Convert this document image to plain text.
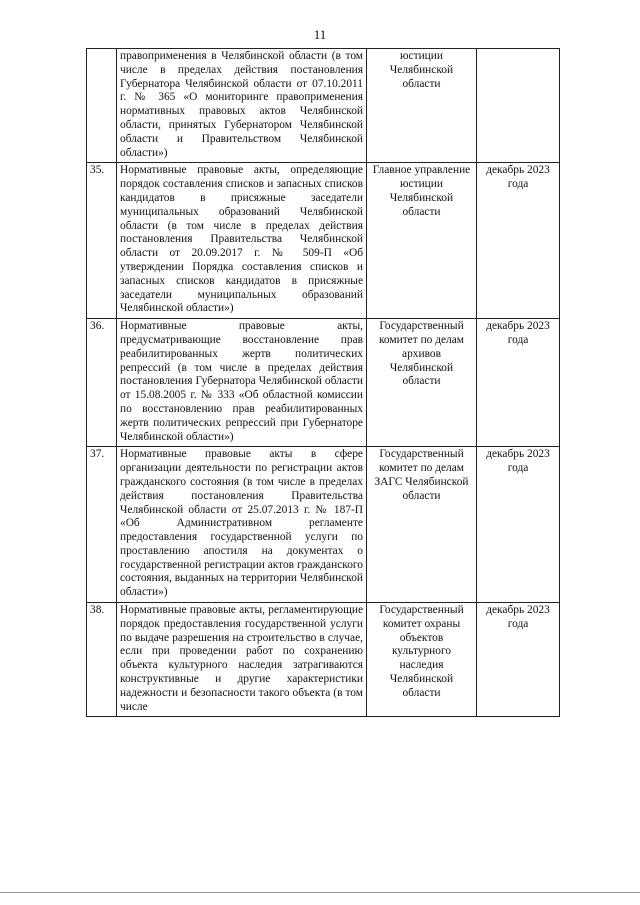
11
	правоприменения в Челябинской области (в том числе в пределах действия постановления Губернатора Челябинской области от 07.10.2011 г. № 365 «О мониторинге правоприменения нормативных правовых актов Челябинской области, принятых Губернатором Челябинской области и Правительством Челябинской области»)	юстиции Челябинской области	
35.	Нормативные правовые акты, определяющие порядок составления списков и запасных списков кандидатов в присяжные заседатели муниципальных образований Челябинской области (в том числе в пределах действия постановления Правительства Челябинской области от 20.09.2017 г. № 509-П «Об утверждении Порядка составления списков и запасных списков кандидатов в присяжные заседатели муниципальных образований Челябинской области»)	Главное управление юстиции Челябинской области	декабрь 2023 года
36.	Нормативные правовые акты, предусматривающие восстановление прав реабилитированных жертв политических репрессий (в том числе в пределах действия постановления Губернатора Челябинской области от 15.08.2005 г. № 333 «Об областной комиссии по восстановлению прав реабилитированных жертв политических репрессий при Губернаторе Челябинской области»)	Государственный комитет по делам архивов Челябинской области	декабрь 2023 года
37.	Нормативные правовые акты в сфере организации деятельности по регистрации актов гражданского состояния (в том числе в пределах действия постановления Правительства Челябинской области от 25.07.2013 г. № 187-П «Об Административном регламенте предоставления государственной услуги по проставлению апостиля на документах о государственной регистрации актов гражданского состояния, выданных на территории Челябинской области»)	Государственный комитет по делам ЗАГС Челябинской области	декабрь 2023 года
38.	Нормативные правовые акты, регламентирующие порядок предоставления государственной услуги по выдаче разрешения на строительство в случае, если при проведении работ по сохранению объекта культурного наследия затрагиваются конструктивные и другие характеристики надежности и безопасности такого объекта (в том числе	Государственный комитет охраны объектов культурного наследия Челябинской области	декабрь 2023 года
